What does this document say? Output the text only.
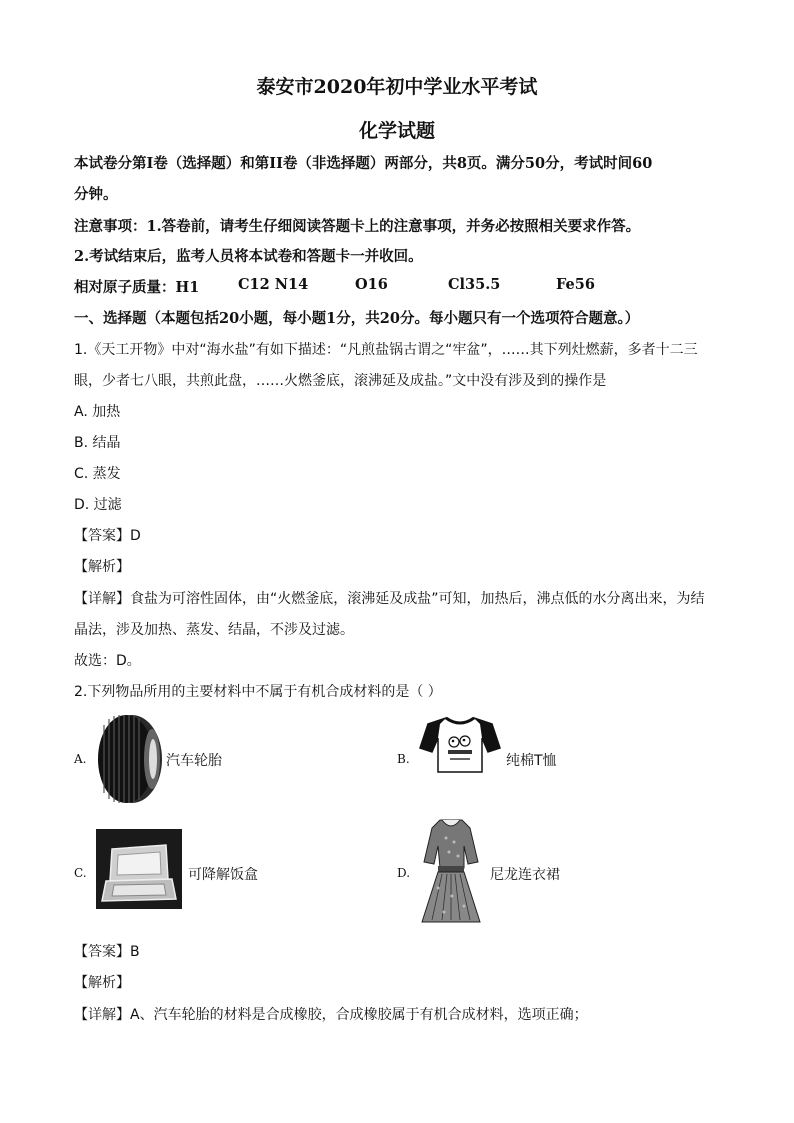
泰安市2020年初中学业水平考试
化学试题
本试卷分第I卷（选择题）和第II卷（非选择题）两部分，共8页。满分50分，考试时间60
分钟。
注意事项：1.答卷前，请考生仔细阅读答题卡上的注意事项，并务必按照相关要求作答。
2.考试结束后，监考人员将本试卷和答题卡一并收回。
相对原子质量：H1	C12 N14	O16	Cl35.5	Fe56
一、选择题（本题包括20小题，每小题1分，共20分。每小题只有一个选项符合题意。）
1.《天工开物》中对“海水盐”有如下描述：“凡煎盐锅古谓之“牢盆”，……其下列灶燃薪，多者十二三
眼，少者七八眼，共煎此盘，……火燃釜底，滚沸延及成盐。”文中没有涉及到的操作是
A. 加热
B. 结晶
C. 蒸发
D. 过滤
【答案】D
【解析】
【详解】食盐为可溶性固体，由“火燃釜底，滚沸延及成盐”可知，加热后，沸点低的水分离出来，为结
晶法，涉及加热、蒸发、结晶，不涉及过滤。
故选：D。
2.下列物品所用的主要材料中不属于有机合成材料的是（ ）
A.	汽车轮胎	B.	纯棉T恤
C.	可降解饭盒	D.	尼龙连衣裙
【答案】B
【解析】
【详解】A、汽车轮胎的材料是合成橡胶，合成橡胶属于有机合成材料，选项正确；
